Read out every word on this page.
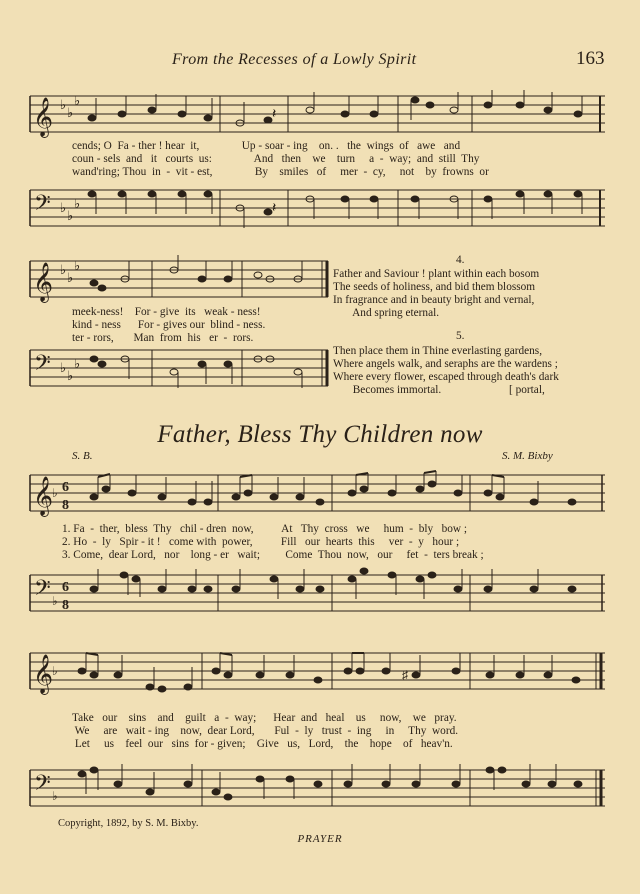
From the Recesses of a Lowly Spirit	163
𝄞 ♭
♭
♭
𝄽
cends; O  Fa - ther ! hear  it,               Up - soar - ing    on. .   the  wings  of   awe   and
coun - sels  and   it   courts  us:               And   then    we    turn     a  -  way;  and  still  Thy
wand'ring; Thou  in  -  vit - est,               By    smiles   of     mer  -  cy,     not    by  frowns  or
𝄢 ♭
♭
♭	𝄽
𝄞 ♭
♭
♭
meek-ness!    For - give  its   weak - ness!
kind - ness      For - gives our  blind - ness.
ter - rors,       Man  from  his   er  -  rors.
𝄢 ♭
♭
♭
4.
Father and Saviour ! plant within each bosom
The seeds of holiness, and bid them blossom
In fragrance and in beauty bright and vernal,
And spring eternal.
5.
Then place them in Thine everlasting gardens,
Where angels walk, and seraphs are the wardens ;
Where every flower, escaped through death's dark
Becomes immortal.                        [ portal,
Father, Bless Thy Children now
S. B.	S. M. Bixby
𝄞
♭ 6
8
1. Fa  -  ther,  bless  Thy   chil - dren  now,          At   Thy  cross   we     hum  -  bly   bow ;
2. Ho  -  ly   Spir - it !   come with  power,          Fill   our  hearts  this     ver  -  y   hour ;
3. Come,  dear Lord,   nor    long - er   wait;         Come  Thou  now,   our     fet  -  ters break ;
𝄢 ♭
6
8
𝄞
♭	♯
Take   our    sins    and    guilt   a  -  way;      Hear  and   heal    us     now,    we   pray.
We     are   wait - ing    now,  dear Lord,       Ful  -  ly   trust  -  ing     in     Thy  word.
Let     us    feel  our   sins  for - given;    Give   us,   Lord,    the    hope    of   heav'n.
𝄢 ♭
Copyright, 1892, by S. M. Bixby.
PRAYER
